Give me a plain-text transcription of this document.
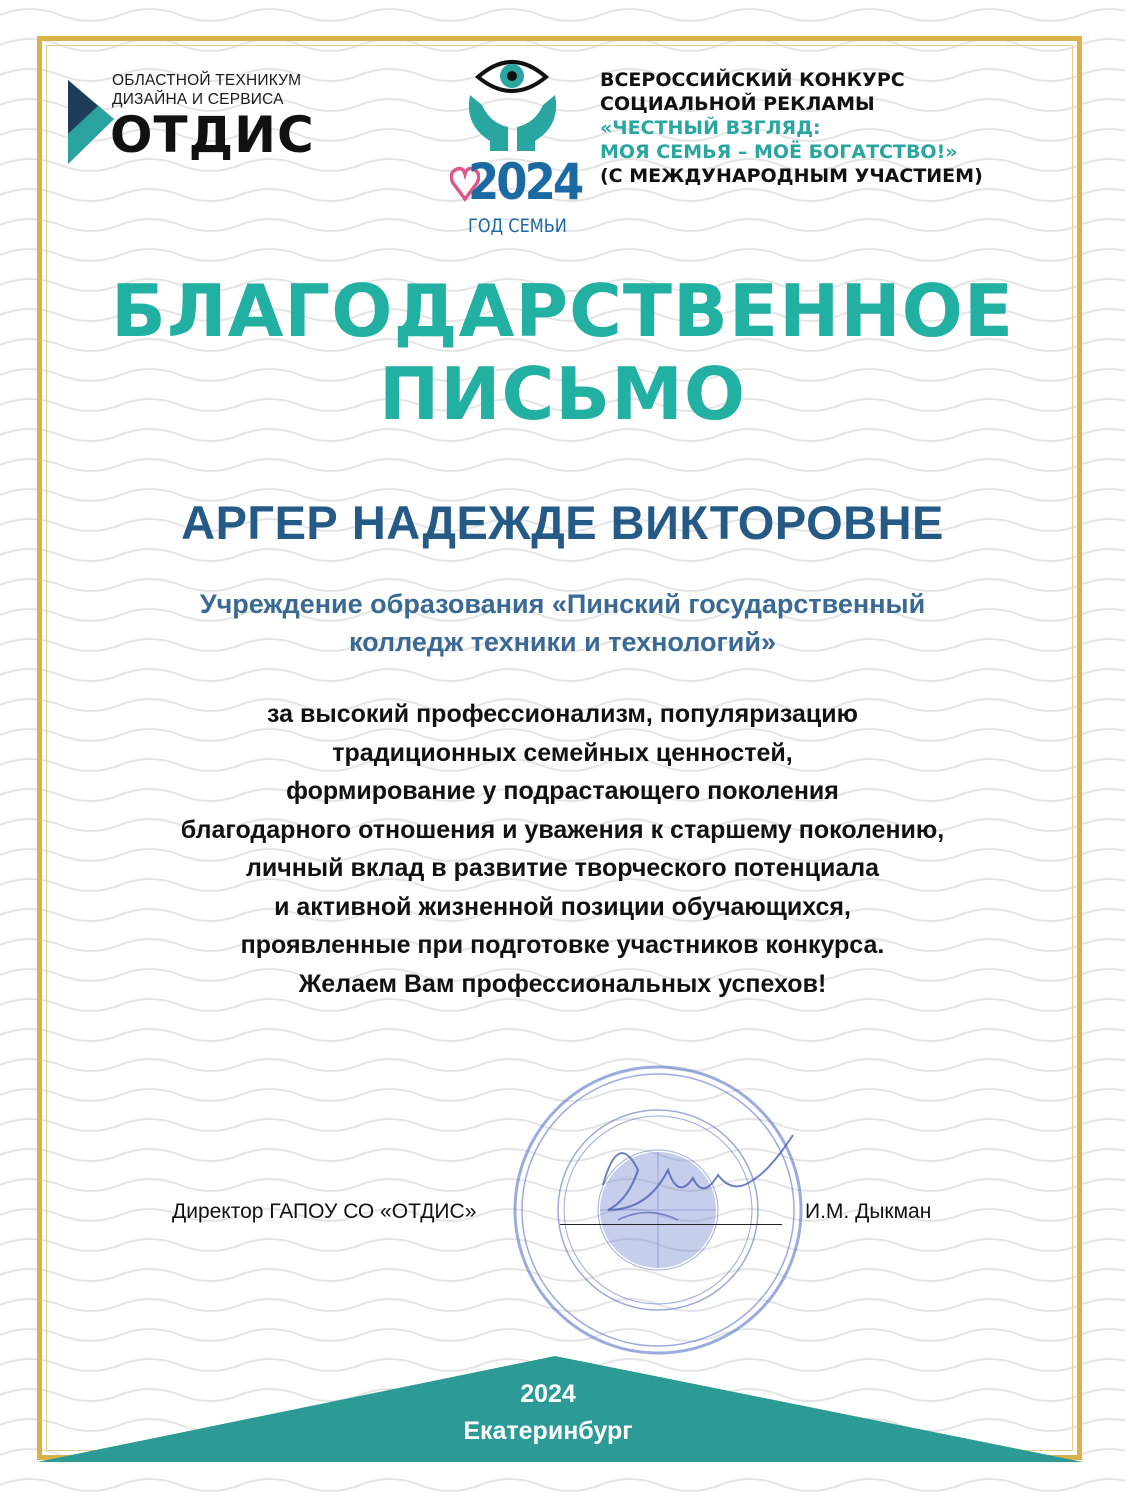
ОБЛАСТНОЙ ТЕХНИКУМ
ДИЗАЙНА И СЕРВИСА
ОТДИС
2024
ГОД СЕМЬИ
ВСЕРОССИЙСКИЙ КОНКУРС
СОЦИАЛЬНОЙ РЕКЛАМЫ
«ЧЕСТНЫЙ ВЗГЛЯД:
МОЯ СЕМЬЯ – МОЁ БОГАТСТВО!»
(С МЕЖДУНАРОДНЫМ УЧАСТИЕМ)
БЛАГОДАРСТВЕННОЕ
ПИСЬМО
АРГЕР НАДЕЖДЕ ВИКТОРОВНЕ
Учреждение образования «Пинский государственный
колледж техники и технологий»
за высокий профессионализм, популяризацию
традиционных семейных ценностей,
формирование у подрастающего поколения
благодарного отношения и уважения к старшему поколению,
личный вклад в развитие творческого потенциала
и активной жизненной позиции обучающихся,
проявленные при подготовке участников конкурса.
Желаем Вам профессиональных успехов!
Директор ГАПОУ СО «ОТДИС»	И.М. Дыкман
2024
Екатеринбург
